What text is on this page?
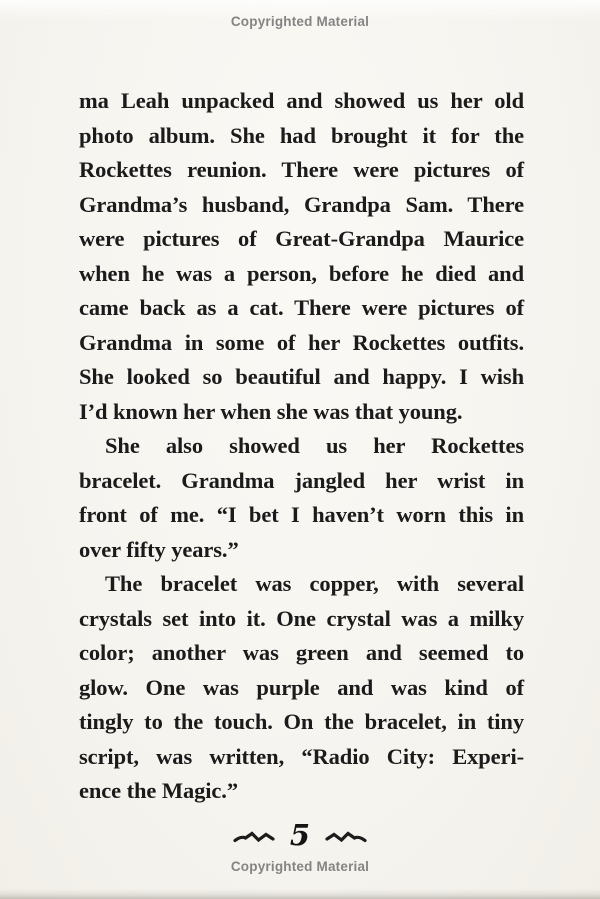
Copyrighted Material
ma Leah unpacked and showed us her old
photo album. She had brought it for the
Rockettes reunion. There were pictures of
Grandma’s husband, Grandpa Sam. There
were pictures of Great-Grandpa Maurice
when he was a person, before he died and
came back as a cat. There were pictures of
Grandma in some of her Rockettes outfits.
She looked so beautiful and happy. I wish
I’d known her when she was that young.
She also showed us her Rockettes
bracelet. Grandma jangled her wrist in
front of me. “I bet I haven’t worn this in
over fifty years.”
The bracelet was copper, with several
crystals set into it. One crystal was a milky
color; another was green and seemed to
glow. One was purple and was kind of
tingly to the touch. On the bracelet, in tiny
script, was written, “Radio City: Experi-
ence the Magic.”
5
Copyrighted Material
